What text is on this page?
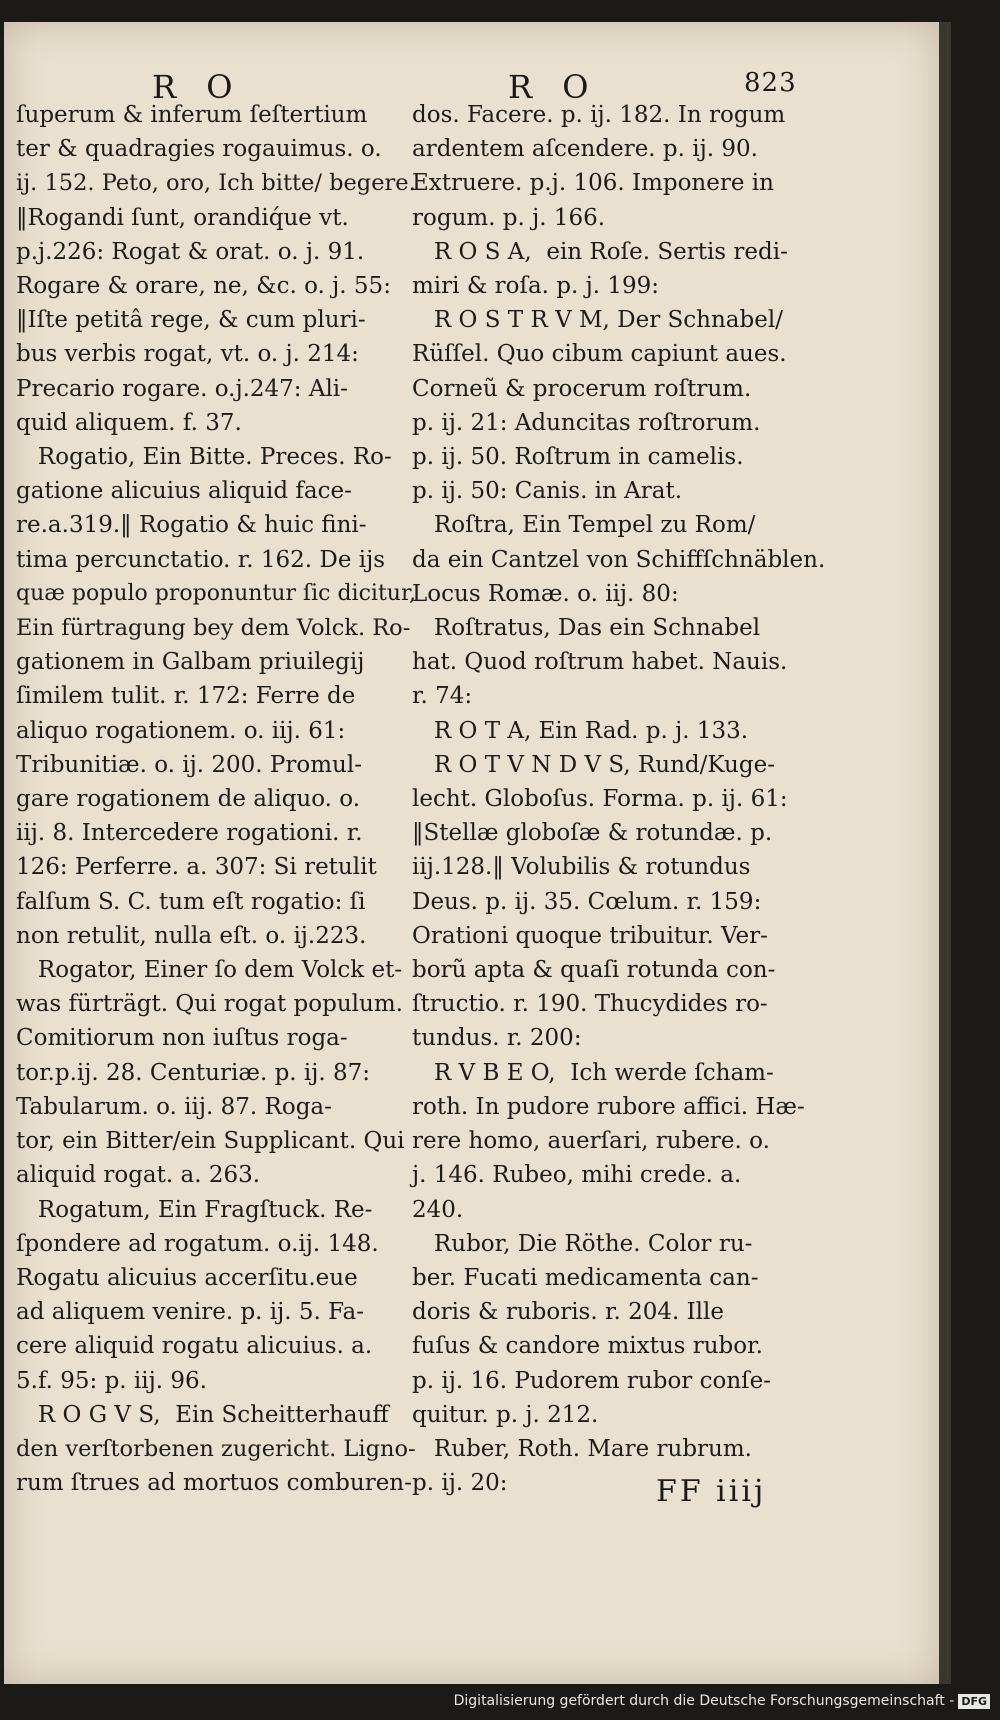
R O	R O	823

ſuperum & inferum ſeſtertium

ter & quadragies rogauimus. o.

ij. 152. Peto, oro, Ich bitte/ begere.

‖Rogandi ſunt, orandiq́ue vt.

p.j.226: Rogat & orat. o. j. 91.

Rogare & orare, ne, &c. o. j. 55:

‖Iſte petitâ rege, & cum pluri-

bus verbis rogat, vt. o. j. 214:

Precario rogare. o.j.247: Ali-

quid aliquem. f. 37.

Rogatio, Ein Bitte. Preces. Ro-

gatione alicuius aliquid face-

re.a.319.‖ Rogatio & huic fini-

tima percunctatio. r. 162. De ijs

quæ populo proponuntur ſic dicitur,

Ein fürtragung bey dem Volck. Ro-

gationem in Galbam priuilegij

ſimilem tulit. r. 172: Ferre de

aliquo rogationem. o. iij. 61:

Tribunitiæ. o. ij. 200. Promul-

gare rogationem de aliquo. o.

iij. 8. Intercedere rogationi. r.

126: Perferre. a. 307: Si retulit

falſum S. C. tum eſt rogatio: ſi

non retulit, nulla eſt. o. ij.223.

Rogator, Einer ſo dem Volck et-

was fürträgt. Qui rogat populum.

Comitiorum non iuſtus roga-

tor.p.ij. 28. Centuriæ. p. ij. 87:

Tabularum. o. iij. 87. Roga-

tor, ein Bitter/ein Supplicant. Qui

aliquid rogat. a. 263.

Rogatum, Ein Fragſtuck. Re-

ſpondere ad rogatum. o.ij. 148.

Rogatu alicuius accerſitu.eue

ad aliquem venire. p. ij. 5. Fa-

cere aliquid rogatu alicuius. a.

5.f. 95: p. iij. 96.

R O G V S,  Ein Scheitterhauff

den verſtorbenen zugericht. Ligno-

rum ſtrues ad mortuos comburen-

dos. Facere. p. ij. 182. In rogum

ardentem aſcendere. p. ij. 90.

Extruere. p.j. 106. Imponere in

rogum. p. j. 166.

R O S A,  ein Roſe. Sertis redi-

miri & roſa. p. j. 199:

R O S T R V M, Der Schnabel/

Rüſſel. Quo cibum capiunt aues.

Corneũ & procerum roſtrum.

p. ij. 21: Aduncitas roſtrorum.

p. ij. 50. Roſtrum in camelis.

p. ij. 50: Canis. in Arat.

Roſtra, Ein Tempel zu Rom/

da ein Cantzel von Schiffſchnäblen.

Locus Romæ. o. iij. 80:

Roſtratus, Das ein Schnabel

hat. Quod roſtrum habet. Nauis.

r. 74:

R O T A, Ein Rad. p. j. 133.

R O T V N D V S, Rund/Kuge-

lecht. Globoſus. Forma. p. ij. 61:

‖Stellæ globoſæ & rotundæ. p.

iij.128.‖ Volubilis & rotundus

Deus. p. ij. 35. Cœlum. r. 159:

Orationi quoque tribuitur. Ver-

borũ apta & quaſi rotunda con-

ſtructio. r. 190. Thucydides ro-

tundus. r. 200:

R V B E O,  Ich werde ſcham-

roth. In pudore rubore affici. Hæ-

rere homo, auerſari, rubere. o.

j. 146. Rubeo, mihi crede. a.

240.

Rubor, Die Röthe. Color ru-

ber. Fucati medicamenta can-

doris & ruboris. r. 204. Ille

fuſus & candore mixtus rubor.

p. ij. 16. Pudorem rubor conſe-

quitur. p. j. 212.

Ruber, Roth. Mare rubrum.

p. ij. 20:	FF iiij
Digitalisierung gefördert durch die Deutsche Forschungsgemeinschaft - DFG
